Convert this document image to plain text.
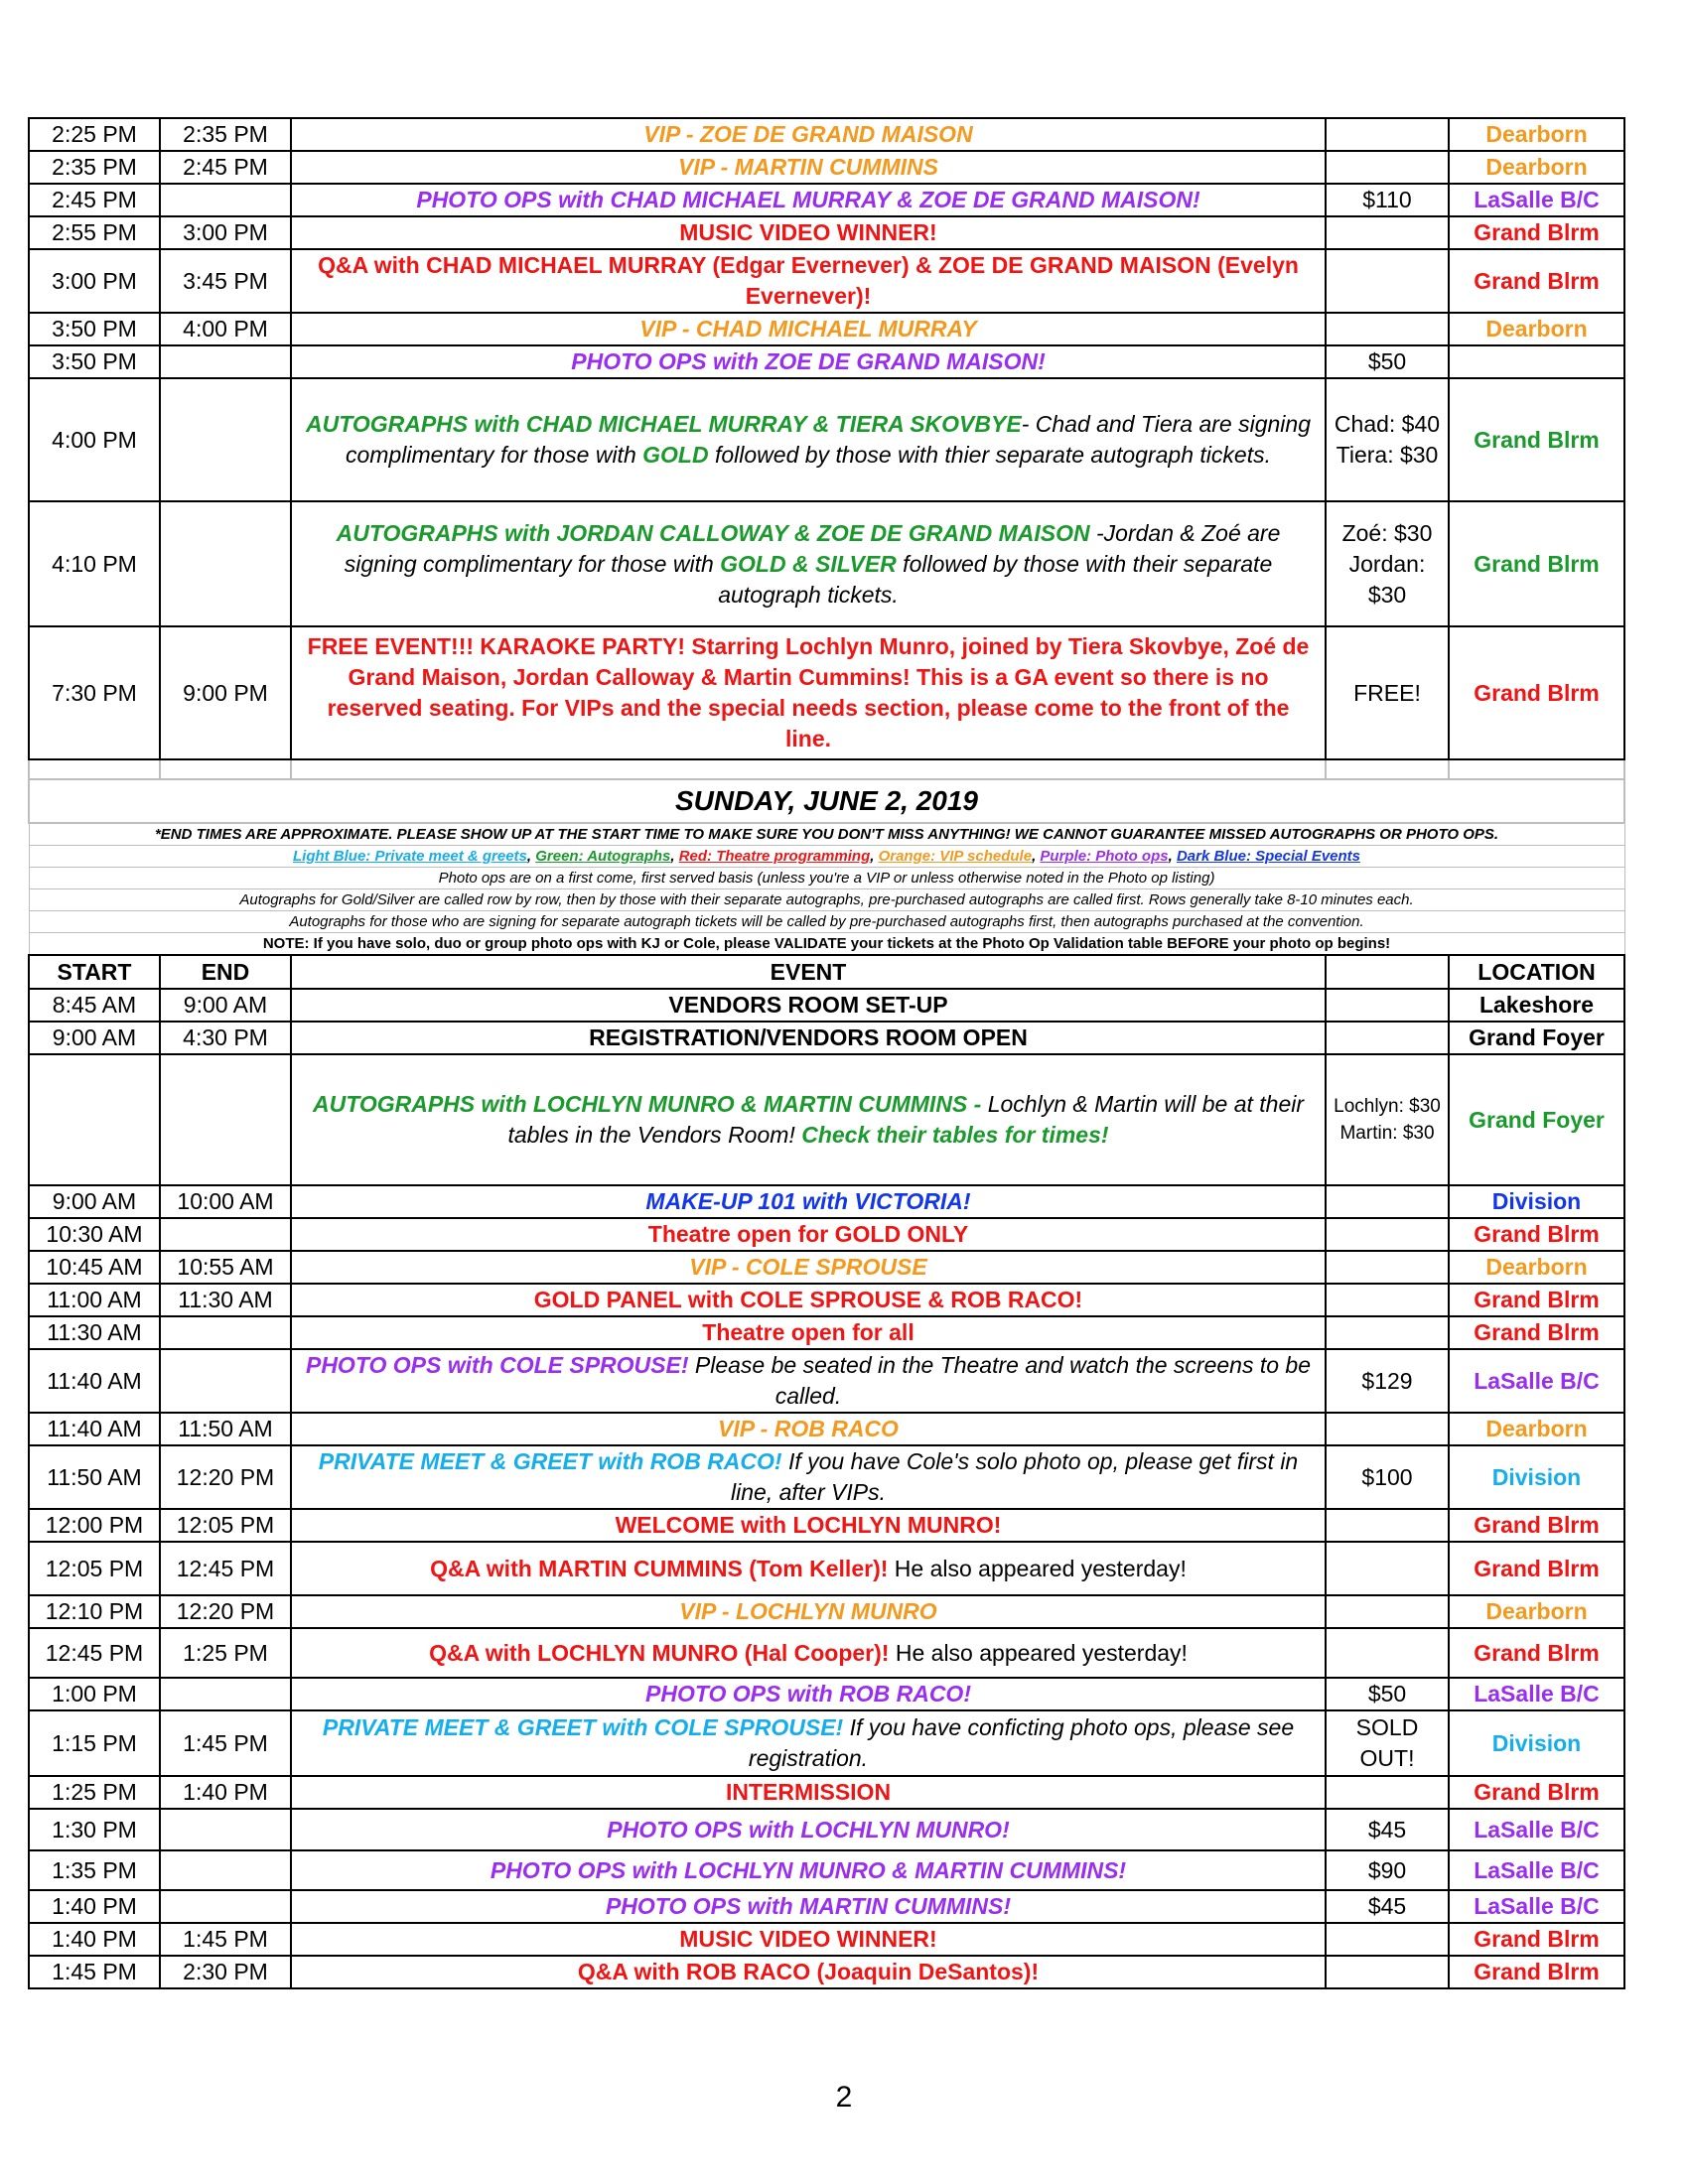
2:25 PM	2:35 PM	VIP - ZOE DE GRAND MAISON		Dearborn
2:35 PM	2:45 PM	VIP - MARTIN CUMMINS		Dearborn
2:45 PM		PHOTO OPS with CHAD MICHAEL MURRAY & ZOE DE GRAND MAISON!	$110	LaSalle B/C
2:55 PM	3:00 PM	MUSIC VIDEO WINNER!		Grand Blrm
3:00 PM	3:45 PM	Q&A with CHAD MICHAEL MURRAY (Edgar Evernever) & ZOE DE GRAND MAISON (Evelyn Evernever)!		Grand Blrm
3:50 PM	4:00 PM	VIP - CHAD MICHAEL MURRAY		Dearborn
3:50 PM		PHOTO OPS with ZOE DE GRAND MAISON!	$50	
4:00 PM		AUTOGRAPHS with CHAD MICHAEL MURRAY & TIERA SKOVBYE- Chad and Tiera are signing complimentary for those with GOLD followed by those with thier separate autograph tickets.	Chad: $40 Tiera: $30	Grand Blrm
4:10 PM		AUTOGRAPHS with JORDAN CALLOWAY & ZOE DE GRAND MAISON -Jordan & Zoé are signing complimentary for those with GOLD & SILVER followed by those with their separate autograph tickets.	Zoé: $30 Jordan: $30	Grand Blrm
7:30 PM	9:00 PM	FREE EVENT!!! KARAOKE PARTY! Starring Lochlyn Munro, joined by Tiera Skovbye, Zoé de Grand Maison, Jordan Calloway & Martin Cummins! This is a GA event so there is no reserved seating. For VIPs and the special needs section, please come to the front of the line.	FREE!	Grand Blrm

SUNDAY, JUNE 2, 2019				
*END TIMES ARE APPROXIMATE. PLEASE SHOW UP AT THE START TIME TO MAKE SURE YOU DON'T MISS ANYTHING! WE CANNOT GUARANTEE MISSED AUTOGRAPHS OR PHOTO OPS.				
Light Blue: Private meet & greets, Green: Autographs, Red: Theatre programming, Orange: VIP schedule, Purple: Photo ops, Dark Blue: Special Events				
Photo ops are on a first come, first served basis (unless you're a VIP or unless otherwise noted in the Photo op listing)				
Autographs for Gold/Silver are called row by row, then by those with their separate autographs, pre-purchased autographs are called first. Rows generally take 8-10 minutes each.				
Autographs for those who are signing for separate autograph tickets will be called by pre-purchased autographs first, then autographs purchased at the convention.				
NOTE: If you have solo, duo or group photo ops with KJ or Cole, please VALIDATE your tickets at the Photo Op Validation table BEFORE your photo op begins!				
START	END	EVENT		LOCATION
8:45 AM	9:00 AM	VENDORS ROOM SET-UP		Lakeshore
9:00 AM	4:30 PM	REGISTRATION/VENDORS ROOM OPEN		Grand Foyer
		AUTOGRAPHS with LOCHLYN MUNRO & MARTIN CUMMINS - Lochlyn & Martin will be at their tables in the Vendors Room! Check their tables for times!	Lochlyn: $30 Martin: $30	Grand Foyer
9:00 AM	10:00 AM	MAKE-UP 101 with VICTORIA!		Division
10:30 AM		Theatre open for GOLD ONLY		Grand Blrm
10:45 AM	10:55 AM	VIP - COLE SPROUSE		Dearborn
11:00 AM	11:30 AM	GOLD PANEL with COLE SPROUSE & ROB RACO!		Grand Blrm
11:30 AM		Theatre open for all		Grand Blrm
11:40 AM		PHOTO OPS with COLE SPROUSE! Please be seated in the Theatre and watch the screens to be called.	$129	LaSalle B/C
11:40 AM	11:50 AM	VIP - ROB RACO		Dearborn
11:50 AM	12:20 PM	PRIVATE MEET & GREET with ROB RACO! If you have Cole's solo photo op, please get first in line, after VIPs.	$100	Division
12:00 PM	12:05 PM	WELCOME with LOCHLYN MUNRO!		Grand Blrm
12:05 PM	12:45 PM	Q&A with MARTIN CUMMINS (Tom Keller)! He also appeared yesterday!		Grand Blrm
12:10 PM	12:20 PM	VIP - LOCHLYN MUNRO		Dearborn
12:45 PM	1:25 PM	Q&A with LOCHLYN MUNRO (Hal Cooper)! He also appeared yesterday!		Grand Blrm
1:00 PM		PHOTO OPS with ROB RACO!	$50	LaSalle B/C
1:15 PM	1:45 PM	PRIVATE MEET & GREET with COLE SPROUSE! If you have conficting photo ops, please see registration.	SOLD OUT!	Division
1:25 PM	1:40 PM	INTERMISSION		Grand Blrm
1:30 PM		PHOTO OPS with LOCHLYN MUNRO!	$45	LaSalle B/C
1:35 PM		PHOTO OPS with LOCHLYN MUNRO & MARTIN CUMMINS!	$90	LaSalle B/C
1:40 PM		PHOTO OPS with MARTIN CUMMINS!	$45	LaSalle B/C
1:40 PM	1:45 PM	MUSIC VIDEO WINNER!		Grand Blrm
1:45 PM	2:30 PM	Q&A with ROB RACO (Joaquin DeSantos)!		Grand Blrm
2
